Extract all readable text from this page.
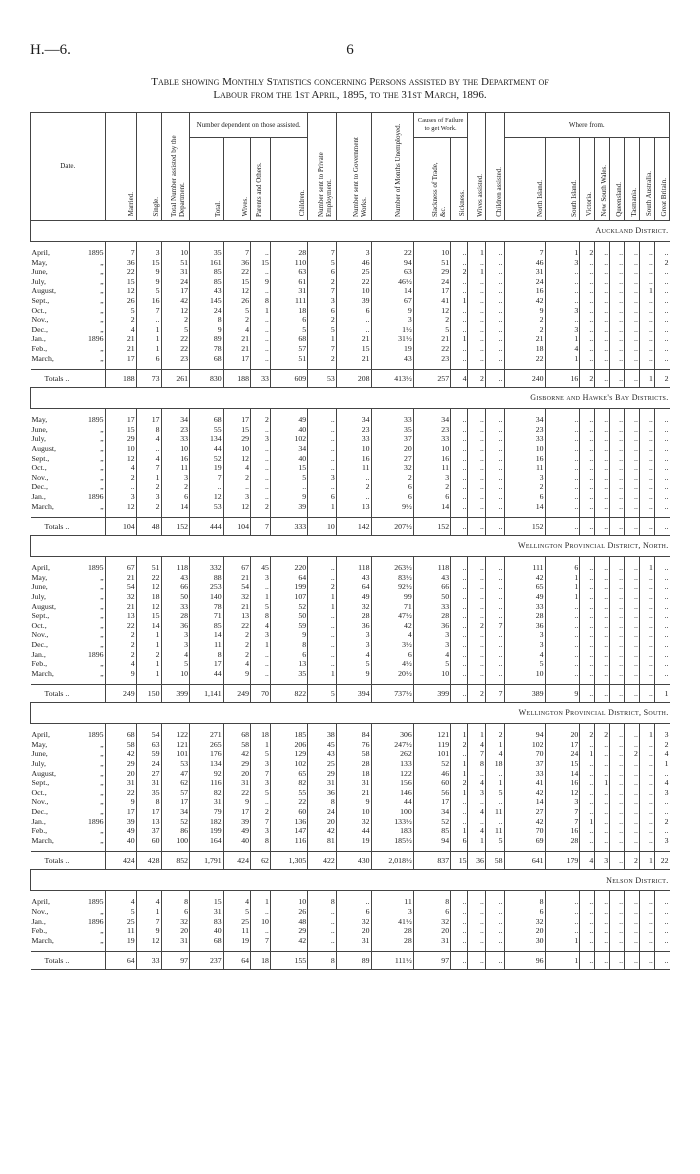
H.—6.	6
Table showing Monthly Statistics concerning Persons assisted by the Department of
Labour from the 1st April, 1895, to the 31st March, 1896.
Date.		Married.	Single.	Total Number assisted by the Department.	Number dependent on those assisted.				Number sent to Private Employment.	Number sent to Government Works.	Number of Months Unemployed.	Causes of Failure to get Work.		Wives assisted.	Children assisted.	Where from.							
					Total.	Wives.	Parents and Others.	Children.				Slackness of Trade, &c.	Sickness.			North Island.	South Island.	Victoria.	New South Wales.	Queensland.	Tasmania.	South Australia.	Great Britain.
Auckland District.																							

April,	1895	7	3	10	35	7	..	28	7	3	22	10	..	1	..	7	1	2	..	..	..	..	..
May,	„	36	15	51	161	36	15	110	5	46	94	51	..	..	..	46	3	..	..	..	..	..	2
June,	„	22	9	31	85	22	..	63	6	25	63	29	2	1	..	31	..	..	..	..	..	..	..
July,	„	15	9	24	85	15	9	61	2	22	46½	24	..	..	..	24	..	..	..	..	..	..	..
August,	„	12	5	17	43	12	..	31	7	10	14	17	..	..	..	16	..	..	..	..	..	1	..
Sept.,	„	26	16	42	145	26	8	111	3	39	67	41	1	..	..	42	..	..	..	..	..	..	..
Oct.,	„	5	7	12	24	5	1	18	6	6	9	12	..	..	..	9	3	..	..	..	..	..	..
Nov.,	„	2	..	2	8	2	..	6	2	..	3	2	..	..	..	2	..	..	..	..	..	..	..
Dec.,	„	4	1	5	9	4	..	5	5	..	1½	5	..	..	..	2	3	..	..	..	..	..	..
Jan.,	1896	21	1	22	89	21	..	68	1	21	31½	21	1	..	..	21	1	..	..	..	..	..	..
Feb.,	„	21	1	22	78	21	..	57	7	15	19	22	..	..	..	18	4	..	..	..	..	..	..
March,	„	17	6	23	68	17	..	51	2	21	43	23	..	..	..	22	1	..	..	..	..	..	..

Totals ..		188	73	261	830	188	33	609	53	208	413½	257	4	2	..	240	16	2	..	..	..	1	2
Gisborne and Hawke's Bay Districts.																							

May,	1895	17	17	34	68	17	2	49	..	34	33	34	..	..	..	34	..	..	..	..	..	..	..
June,	„	15	8	23	55	15	..	40	..	23	35	23	..	..	..	23	..	..	..	..	..	..	..
July,	„	29	4	33	134	29	3	102	..	33	37	33	..	..	..	33	..	..	..	..	..	..	..
August,	„	10	..	10	44	10	..	34	..	10	20	10	..	..	..	10	..	..	..	..	..	..	..
Sept.,	„	12	4	16	52	12	..	40	..	16	27	16	..	..	..	16	..	..	..	..	..	..	..
Oct.,	„	4	7	11	19	4	..	15	..	11	32	11	..	..	..	11	..	..	..	..	..	..	..
Nov.,	„	2	1	3	7	2	..	5	3	..	2	3	..	..	..	3	..	..	..	..	..	..	..
Dec.,	„	..	2	2	..	..	..	..	..	2	6	2	..	..	..	2	..	..	..	..	..	..	..
Jan.,	1896	3	3	6	12	3	..	9	6	..	6	6	..	..	..	6	..	..	..	..	..	..	..
March,	„	12	2	14	53	12	2	39	1	13	9½	14	..	..	..	14	..	..	..	..	..	..	..

Totals ..		104	48	152	444	104	7	333	10	142	207½	152	..	..	..	152	..	..	..	..	..	..	..
Wellington Provincial District, North.																							

April,	1895	67	51	118	332	67	45	220	..	118	263½	118	..	..	..	111	6	..	..	..	..	1	..
May,	„	21	22	43	88	21	3	64	..	43	83½	43	..	..	..	42	1	..	..	..	..	..	..
June,	„	54	12	66	253	54	..	199	2	64	92½	66	..	..	..	65	1	..	..	..	..	..	..
July,	„	32	18	50	140	32	1	107	1	49	99	50	..	..	..	49	1	..	..	..	..	..	..
August,	„	21	12	33	78	21	5	52	1	32	71	33	..	..	..	33	..	..	..	..	..	..	..
Sept.,	„	13	15	28	71	13	8	50	..	28	47½	28	..	..	..	28	..	..	..	..	..	..	..
Oct.,	„	22	14	36	85	22	4	59	..	36	42	36	..	2	7	36	..	..	..	..	..	..	..
Nov.,	„	2	1	3	14	2	3	9	..	3	4	3	..	..	..	3	..	..	..	..	..	..	..
Dec.,	„	2	1	3	11	2	1	8	..	3	3½	3	..	..	..	3	..	..	..	..	..	..	..
Jan.,	1896	2	2	4	8	2	..	6	..	4	6	4	..	..	..	4	..	..	..	..	..	..	..
Feb.,	„	4	1	5	17	4	..	13	..	5	4½	5	..	..	..	5	..	..	..	..	..	..	..
March,	„	9	1	10	44	9	..	35	1	9	20½	10	..	..	..	10	..	..	..	..	..	..	..

Totals ..		249	150	399	1,141	249	70	822	5	394	737½	399	..	2	7	389	9	..	..	..	..	..	1
Wellington Provincial District, South.																							

April,	1895	68	54	122	271	68	18	185	38	84	306	121	1	1	2	94	20	2	2	..	..	1	3
May,	„	58	63	121	265	58	1	206	45	76	247½	119	2	4	1	102	17	..	..	..	..	..	2
June,	„	42	59	101	176	42	5	129	43	58	262	101	..	7	4	70	24	1	..	..	2	..	4
July,	„	29	24	53	134	29	3	102	25	28	133	52	1	8	18	37	15	..	..	..	..	..	1
August,	„	20	27	47	92	20	7	65	29	18	122	46	1	..	..	33	14	..	..	..	..	..	..
Sept.,	„	31	31	62	116	31	3	82	31	31	156	60	2	4	1	41	16	..	1	..	..	..	4
Oct.,	„	22	35	57	82	22	5	55	36	21	146	56	1	3	5	42	12	..	..	..	..	..	3
Nov.,	„	9	8	17	31	9	..	22	8	9	44	17	..	..	..	14	3	..	..	..	..	..	..
Dec.,	„	17	17	34	79	17	2	60	24	10	100	34	..	4	11	27	7	..	..	..	..	..	..
Jan.,	1896	39	13	52	182	39	7	136	20	32	133½	52	..	..	..	42	7	1	..	..	..	..	2
Feb.,	„	49	37	86	199	49	3	147	42	44	183	85	1	4	11	70	16	..	..	..	..	..	..
March,	„	40	60	100	164	40	8	116	81	19	185½	94	6	1	5	69	28	..	..	..	..	..	3

Totals ..		424	428	852	1,791	424	62	1,305	422	430	2,018½	837	15	36	58	641	179	4	3	..	2	1	22
Nelson District.																							

April,	1895	4	4	8	15	4	1	10	8	..	11	8	..	..	..	8	..	..	..	..	..	..	..
Nov.,	„	5	1	6	31	5	..	26	..	6	3	6	..	..	..	6	..	..	..	..	..	..	..
Jan.,	1896	25	7	32	83	25	10	48	..	32	41½	32	..	..	..	32	..	..	..	..	..	..	..
Feb.,	„	11	9	20	40	11	..	29	..	20	28	20	..	..	..	20	..	..	..	..	..	..	..
March,	„	19	12	31	68	19	7	42	..	31	28	31	..	..	..	30	1	..	..	..	..	..	..

Totals ..		64	33	97	237	64	18	155	8	89	111½	97	..	..	..	96	1	..	..	..	..	..	..
